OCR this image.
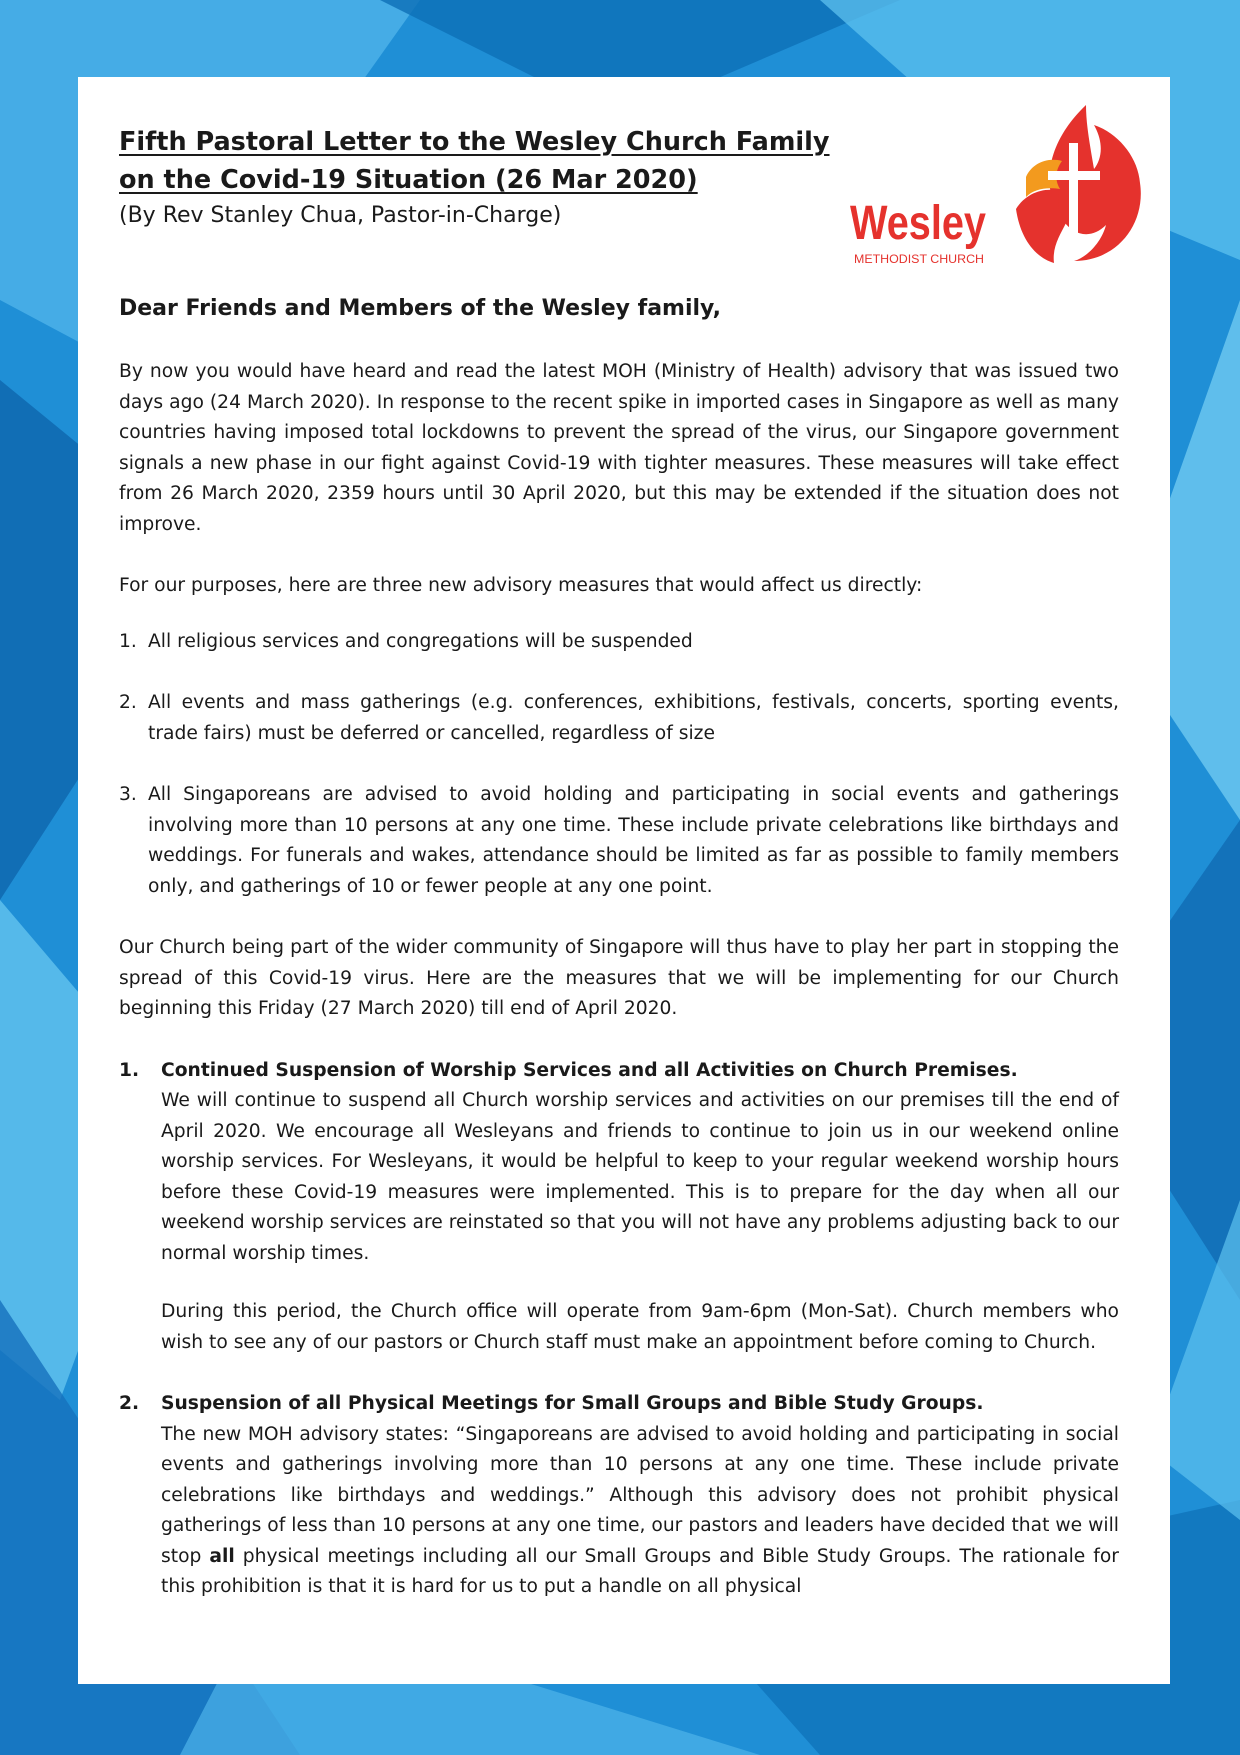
Fifth Pastoral Letter to the Wesley Church Family
on the Covid-19 Situation (26 Mar 2020)

(By Rev Stanley Chua, Pastor-in-Charge)	Wesley
METHODIST CHURCH

Dear Friends and Members of the Wesley family,

By now you would have heard and read the latest MOH (Ministry of Health) advisory that was issued two days ago (24 March 2020). In response to the recent spike in imported cases in Singapore as well as many countries having imposed total lockdowns to prevent the spread of the virus, our Singapore government signals a new phase in our fight against Covid-19 with tighter measures. These measures will take effect from 26 March 2020, 2359 hours until 30 April 2020, but this may be extended if the situation does not improve.

For our purposes, here are three new advisory measures that would affect us directly:

1. All religious services and congregations will be suspended
2. All events and mass gatherings (e.g. conferences, exhibitions, festivals, concerts, sporting events, trade fairs) must be deferred or cancelled, regardless of size
3. All Singaporeans are advised to avoid holding and participating in social events and gatherings involving more than 10 persons at any one time. These include private celebrations like birthdays and weddings. For funerals and wakes, attendance should be limited as far as possible to family members only, and gatherings of 10 or fewer people at any one point.

Our Church being part of the wider community of Singapore will thus have to play her part in stopping the spread of this Covid-19 virus. Here are the measures that we will be implementing for our Church beginning this Friday (27 March 2020) till end of April 2020.

1.	Continued Suspension of Worship Services and all Activities on Church Premises.

We will continue to suspend all Church worship services and activities on our premises till the end of April 2020. We encourage all Wesleyans and friends to continue to join us in our weekend online worship services. For Wesleyans, it would be helpful to keep to your regular weekend worship hours before these Covid-19 measures were implemented. This is to prepare for the day when all our weekend worship services are reinstated so that you will not have any problems adjusting back to our normal worship times.

During this period, the Church office will operate from 9am-6pm (Mon-Sat). Church members who wish to see any of our pastors or Church staff must make an appointment before coming to Church.

2.	Suspension of all Physical Meetings for Small Groups and Bible Study Groups.

The new MOH advisory states: “Singaporeans are advised to avoid holding and participating in social events and gatherings involving more than 10 persons at any one time. These include private celebrations like birthdays and weddings.” Although this advisory does not prohibit physical gatherings of less than 10 persons at any one time, our pastors and leaders have decided that we will stop all physical meetings including all our Small Groups and Bible Study Groups. The rationale for this prohibition is that it is hard for us to put a handle on all physical
